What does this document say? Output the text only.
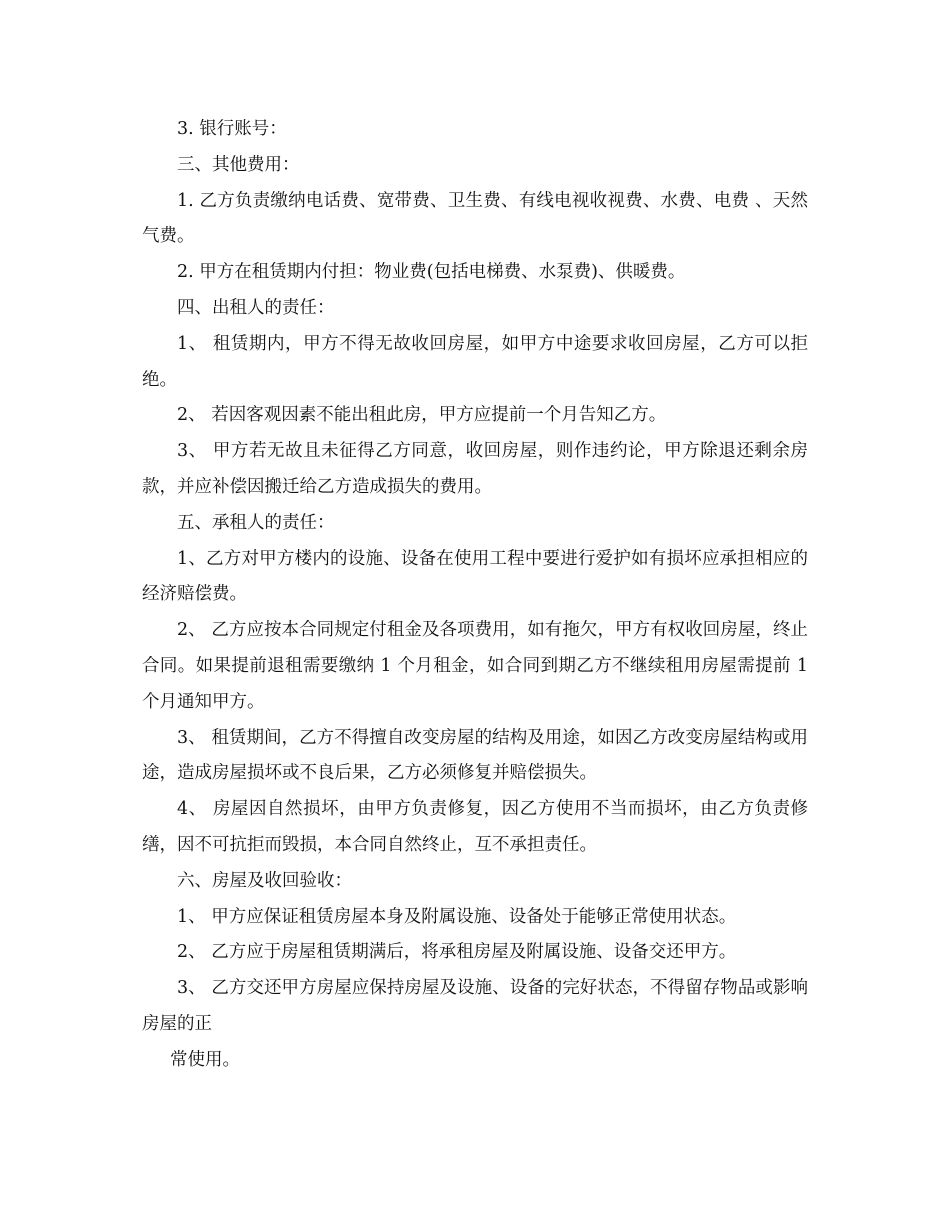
3. 银行账号：

三、其他费用：

1. 乙方负责缴纳电话费、宽带费、卫生费、有线电视收视费、水费、电费 、天然气费。

2. 甲方在租赁期内付担：物业费(包括电梯费、水泵费)、供暖费。

四、出租人的责任：

1、 租赁期内，甲方不得无故收回房屋，如甲方中途要求收回房屋，乙方可以拒绝。

2、 若因客观因素不能出租此房，甲方应提前一个月告知乙方。

3、 甲方若无故且未征得乙方同意，收回房屋，则作违约论，甲方除退还剩余房款，并应补偿因搬迁给乙方造成损失的费用。

五、承租人的责任：

1、乙方对甲方楼内的设施、设备在使用工程中要进行爱护如有损坏应承担相应的经济赔偿费。

2、 乙方应按本合同规定付租金及各项费用，如有拖欠，甲方有权收回房屋，终止合同。如果提前退租需要缴纳 1 个月租金，如合同到期乙方不继续租用房屋需提前 1 个月通知甲方。

3、 租赁期间，乙方不得擅自改变房屋的结构及用途，如因乙方改变房屋结构或用途，造成房屋损坏或不良后果，乙方必须修复并赔偿损失。

4、 房屋因自然损坏，由甲方负责修复，因乙方使用不当而损坏，由乙方负责修缮，因不可抗拒而毁损，本合同自然终止，互不承担责任。

六、房屋及收回验收：

1、 甲方应保证租赁房屋本身及附属设施、设备处于能够正常使用状态。

2、 乙方应于房屋租赁期满后，将承租房屋及附属设施、设备交还甲方。

3、 乙方交还甲方房屋应保持房屋及设施、设备的完好状态，不得留存物品或影响房屋的正

常使用。
